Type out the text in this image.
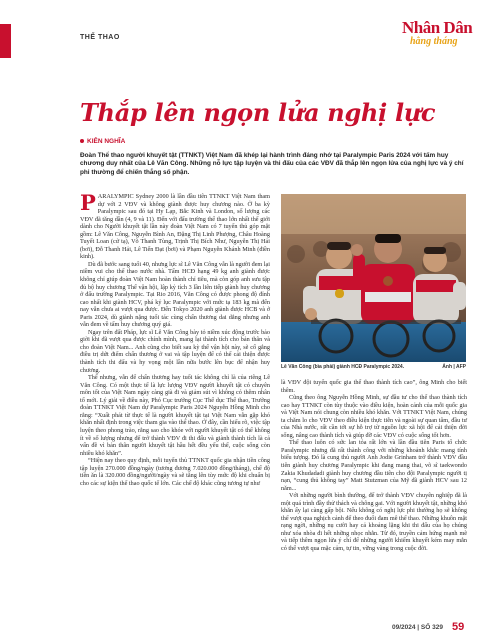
THỂ THAO
Nhân Dân
hằng tháng
Thắp lên ngọn lửa nghị lực
KIÊN NGHĨA
Đoàn Thể thao người khuyết tật (TTNKT) Việt Nam đã khép lại hành trình đáng nhớ tại Paralympic Paris 2024 với tấm huy chương duy nhất của Lê Văn Công. Những nỗ lực tập luyện và thi đấu của các VĐV đã thắp lên ngọn lửa của nghị lực và ý chí phi thường để chiến thắng số phận.

PARALYMPIC Sydney 2000 là lần đầu tiên TTNKT Việt Nam tham dự với 2 VĐV và không giành được huy chương nào. Ở ba kỳ Paralympic sau đó tại Hy Lạp, Bắc Kinh và London, số lượng các VĐV đã tăng dần (4, 9 và 11). Đến với đấu trường thể thao lớn nhất thế giới dành cho Người khuyết tật lần này đoàn Việt Nam có 7 tuyển thủ góp mặt gồm: Lê Văn Công, Nguyễn Bình An, Đặng Thị Linh Phượng, Châu Hoàng Tuyết Loan (cử tạ), Võ Thanh Tùng, Trịnh Thị Bích Như, Nguyễn Thị Hải (bơi), Đỗ Thanh Hải, Lê Tiến Đạt (bơi) và Phạm Nguyễn Khánh Minh (điền kinh).

Dù đã bước sang tuổi 40, nhưng lực sĩ Lê Văn Công vẫn là người đem lại niềm vui cho thể thao nước nhà. Tấm HCĐ hạng 49 kg anh giành được không chỉ giúp đoàn Việt Nam hoàn thành chỉ tiêu, mà còn góp anh sưu tập đủ bộ huy chương Thế vận hội, lập kỷ tích 3 lần liên tiếp giành huy chương ở đấu trường Paralympic. Tại Rio 2016, Văn Công có được phong độ đỉnh cao nhất khi giành HCV, phá kỷ lục Paralympic với mức tạ 183 kg mà đến nay vẫn chưa ai vượt qua được. Đến Tokyo 2020 anh giành được HCB và ở Paris 2024, dù giành nặng tuổi tác cùng chấn thương dai dẳng nhưng anh vẫn đem về tấm huy chương quý giá.

Ngay trên đất Pháp, lực sĩ Lê Văn Công bày tỏ niềm xúc động trước bảo giời khi đã vượt qua được chính mình, mang lại thành tích cho bản thân và cho đoàn Việt Nam... Anh cũng cho biết sau kỳ thế vận hội này, sẽ cố gắng điều trị dứt điểm chấn thương ở vai và tập luyện để có thể cải thiện được thành tích thi đấu và hy vọng một lần nữa bước lên bục để nhận huy chương.

Thế nhưng, vẫn để chấn thương hay tuổi tác không chỉ là của riêng Lê Văn Công. Có một thực tế là lực lượng VĐV người khuyết tật có chuyên môn tốt của Việt Nam ngày càng già đi và giảm sút vì không có thêm nhân tố mới. Lý giải về điều này, Phó Cục trưởng Cục Thể dục Thể thao, Trưởng đoàn TTNKT Việt Nam dự Paralympic Paris 2024 Nguyễn Hồng Minh cho rằng: “Xuất phát từ thực tế là người khuyết tật tại Việt Nam vẫn gặp khó khăn nhất định trong việc tham gia vào thể thao. Ở đây, cần hiểu rõ, việc tập luyện theo phong trào, rằng sao cho khóe với người khuyết tật có thể không ít về số lượng nhưng để trở thành VĐV đi thi đấu và giành thành tích là cả vấn đề vì bản thân người khuyết tật hầu hết đều yếu thế, cuộc sống còn nhiều khó khăn”.

“Hiện nay theo quy định, mỗi tuyển thủ TTNKT quốc gia nhận tiền công tập luyện 270.000 đồng/ngày (tương đương 7.020.000 đồng/tháng), chế độ tiền ăn là 320.000 đồng/người/ngày và sẽ tăng lên tùy mức độ khi chuẩn bị cho các sự kiện thể thao quốc tế lớn. Các chế độ khác cũng tương tự như

Lê Văn Công (bìa phải) giành HCĐ Paralympic 2024.	Ảnh | AFP

là VĐV đội tuyển quốc gia thể thao thành tích cao”, ông Minh cho biết thêm.

Cũng theo ông Nguyễn Hồng Minh, sự đầu tư cho thể thao thành tích cao hay TTNKT còn tùy thuộc vào điều kiện, hoàn cảnh của mỗi quốc gia và Việt Nam nói chung còn nhiều khó khăn. Với TTNKT Việt Nam, chúng ta chăm lo cho VĐV theo điều kiện thực tiễn và ngoài sự quan tâm, đầu tư của Nhà nước, rất cần tới sự hỗ trợ từ nguồn lực xã hội để cải thiện đời sống, nâng cao thành tích và giúp đỡ các VĐV có cuộc sống tốt hơn.

Thế thao luôn có sức lan tỏa rất lớn và lần đầu tiên Paris tổ chức Paralympic nhưng đã rất thành công với những khoảnh khắc mang tính biểu tượng. Đó là cung thủ người Anh Jodie Grinham trở thành VĐV đầu tiên giành huy chương Paralympic khi đang mang thai, võ sĩ taekwondo Zakia Khudadadi giành huy chương đầu tiên cho đội Paralympic người tị nạn, “cung thủ không tay” Matt Stutzman của Mỹ đã giành HCV sau 12 năm...

Với những người bình thường, để trở thành VĐV chuyên nghiệp đã là một quá trình đầy thử thách và chông gai. Với người khuyết tật, những khó khăn ấy lại càng gấp bội. Nếu không có nghị lực phi thường họ sẽ không thể vượt qua nghịch cảnh để theo đuổi đam mê thể thao. Những khuôn mặt rạng ngời, những nụ cười hay cả khoảng lặng khi thi đấu của họ chúng như xóa nhòa đi hết những nhọc nhằn. Từ đó, truyền cảm hứng mạnh mẽ và tiếp thêm ngọn lửa ý chí để những người khiếm khuyết kém may mắn có thể vượt qua mặc cảm, tự tin, vững vàng trong cuộc đời.

09/2024 | SỐ 329 59
